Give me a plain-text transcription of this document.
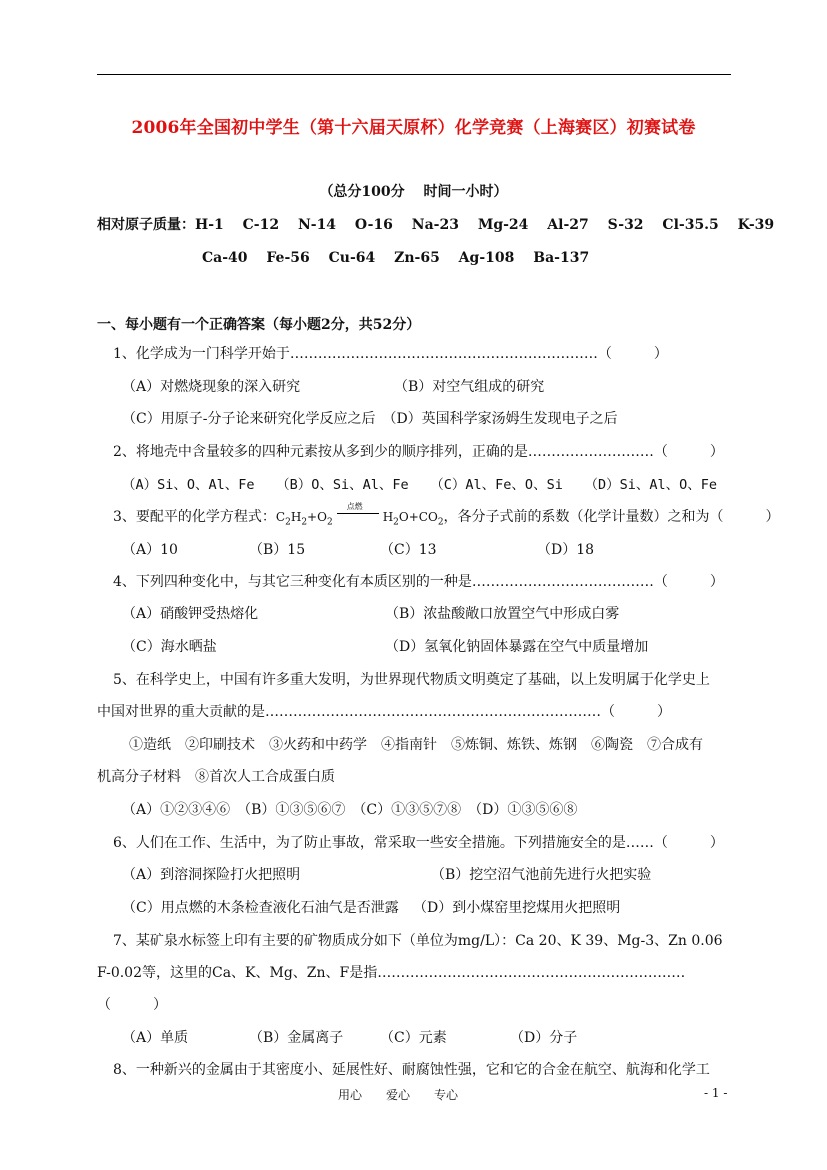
2006年全国初中学生（第十六届天原杯）化学竞赛（上海赛区）初赛试卷
（总分100分　 时间一小时）
相对原子质量：H-1　 C-12　 N-14　 O-16　 Na-23　 Mg-24　 Al-27　 S-32　 Cl-35.5　 K-39
Ca-40　 Fe-56　 Cu-64　 Zn-65　 Ag-108　 Ba-137
一、每小题有一个正确答案（每小题2分，共52分）
1、化学成为一门科学开始于…………………………………………………………（　　　）
（A）对燃烧现象的深入研究	（B）对空气组成的研究
（C）用原子-分子论来研究化学反应之后　（D）英国科学家汤姆生发现电子之后
2、将地壳中含量较多的四种元素按从多到少的顺序排列，正确的是………………………（　　　）
（A）Si、O、Al、Fe　 （B）O、Si、Al、Fe　 （C）Al、Fe、O、Si　 （D）Si、Al、O、Fe
3、要配平的化学方程式：$C_2H_2+O_2$
点燃
$H_2O+CO_2$，各分子式前的系数（化学计量数）之和为（　　　）
（A）10	（B）15	（C）13	（D）18
4、下列四种变化中，与其它三种变化有本质区别的一种是…………………………………（　　　）
（A）硝酸钾受热熔化	（B）浓盐酸敞口放置空气中形成白雾
（C）海水晒盐	（D）氢氧化钠固体暴露在空气中质量增加
5、在科学史上，中国有许多重大发明，为世界现代物质文明奠定了基础，以上发明属于化学史上
中国对世界的重大贡献的是………………………………………………………………（　　　）
①造纸　②印刷技术　③火药和中药学　④指南针　⑤炼铜、炼铁、炼钢　⑥陶瓷　⑦合成有
机高分子材料　⑧首次人工合成蛋白质
（A）①②③④⑥　（B）①③⑤⑥⑦　（C）①③⑤⑦⑧　（D）①③⑤⑥⑧
6、人们在工作、生活中，为了防止事故，常采取一些安全措施。下列措施安全的是……（　　　）
（A）到溶洞探险打火把照明	（B）挖空沼气池前先进行火把实验
（C）用点燃的木条检查液化石油气是否泄露 （D）到小煤窑里挖煤用火把照明
7、某矿泉水标签上印有主要的矿物质成分如下（单位为mg/L）：Ca 20、K 39、Mg-3、Zn 0.06
F-0.02等，这里的Ca、K、Mg、Zn、F是指…………………………………………………………
（　　　）
（A）单质	（B）金属离子	（C）元素	（D）分子
8、一种新兴的金属由于其密度小、延展性好、耐腐蚀性强，它和它的合金在航空、航海和化学工
用心　　爱心　　专心	- 1 -
